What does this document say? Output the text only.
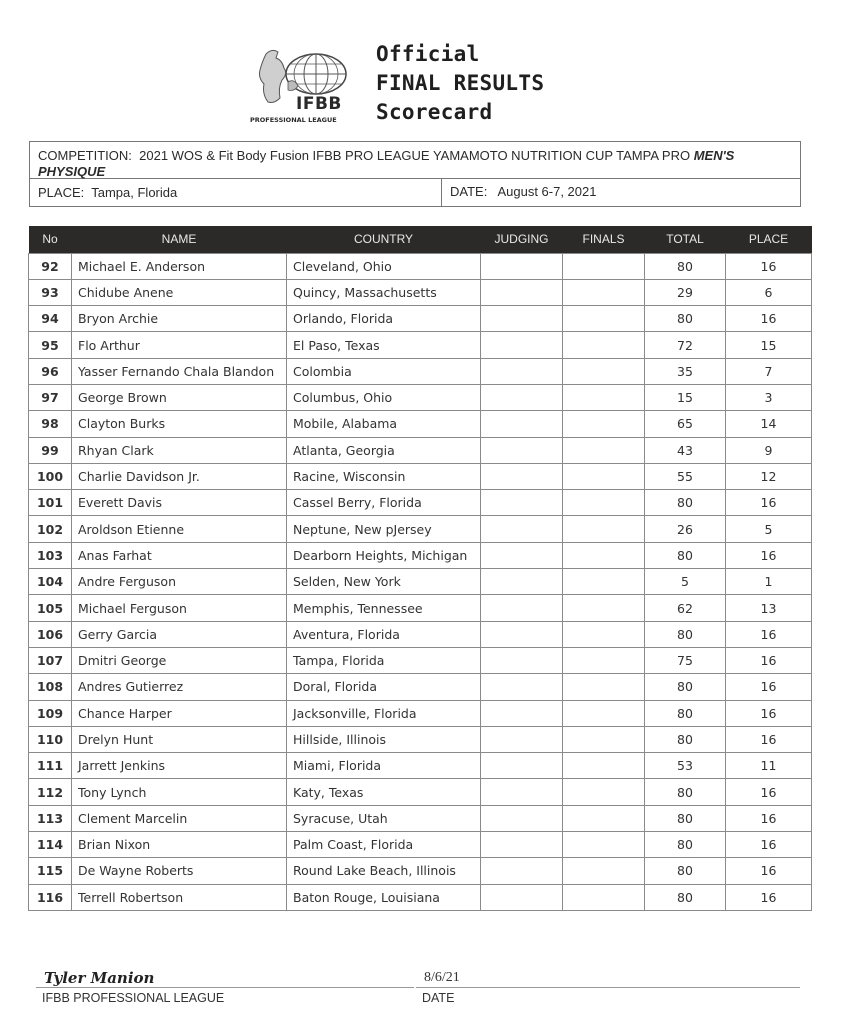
IFBB
PROFESSIONAL LEAGUE
Official
FINAL RESULTS
Scorecard
COMPETITION: 2021 WOS & Fit Body Fusion IFBB PRO LEAGUE YAMAMOTO NUTRITION CUP TAMPA PRO MEN'S PHYSIQUE
PLACE: Tampa, Florida	DATE: August 6-7, 2021
No	NAME	COUNTRY	JUDGING	FINALS	TOTAL	PLACE
92	Michael E. Anderson	Cleveland, Ohio			80	16
93	Chidube Anene	Quincy, Massachusetts			29	6
94	Bryon Archie	Orlando, Florida			80	16
95	Flo Arthur	El Paso, Texas			72	15
96	Yasser Fernando Chala Blandon	Colombia			35	7
97	George Brown	Columbus, Ohio			15	3
98	Clayton Burks	Mobile, Alabama			65	14
99	Rhyan Clark	Atlanta, Georgia			43	9
100	Charlie Davidson Jr.	Racine, Wisconsin			55	12
101	Everett Davis	Cassel Berry, Florida			80	16
102	Aroldson Etienne	Neptune, New pJersey			26	5
103	Anas Farhat	Dearborn Heights, Michigan			80	16
104	Andre Ferguson	Selden, New York			5	1
105	Michael Ferguson	Memphis, Tennessee			62	13
106	Gerry Garcia	Aventura, Florida			80	16
107	Dmitri George	Tampa, Florida			75	16
108	Andres Gutierrez	Doral, Florida			80	16
109	Chance Harper	Jacksonville, Florida			80	16
110	Drelyn Hunt	Hillside, Illinois			80	16
111	Jarrett Jenkins	Miami, Florida			53	11
112	Tony Lynch	Katy, Texas			80	16
113	Clement Marcelin	Syracuse, Utah			80	16
114	Brian Nixon	Palm Coast, Florida			80	16
115	De Wayne Roberts	Round Lake Beach, Illinois			80	16
116	Terrell Robertson	Baton Rouge, Louisiana			80	16
Tyler Manion
IFBB PROFESSIONAL LEAGUE
8/6/21
DATE
